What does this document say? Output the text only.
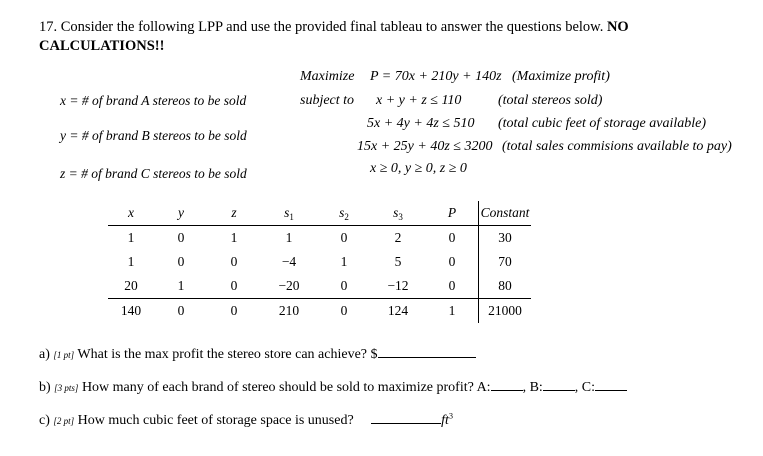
17. Consider the following LPP and use the provided final tableau to answer the questions below. NO
CALCULATIONS!!
x = # of brand A stereos to be sold
y = # of brand B stereos to be sold
z = # of brand C stereos to be sold
Maximize P = 70x + 210y + 140z (Maximize profit)
subject to x + y + z ≤ 110	(total stereos sold)
5x + 4y + 4z ≤ 510 (total cubic feet of storage available)
15x + 25y + 40z ≤ 3200 (total sales commisions available to pay)
x ≥ 0, y ≥ 0, z ≥ 0
x	y	z	$s_1$	$s_2$	$s_3$	P	Constant
1	0	1	1	0	2	0	30
1	0	0	−4	1	5	0	70
20	1	0	−20	0	−12	0	80
140	0	0	210	0	124	1	21000
a) [1 pt] What is the max profit the stereo store can achieve? $
b) [3 pts] How many of each brand of stereo should be sold to maximize profit? A: , B: , C:
c) [2 pt] How much cubic feet of storage space is unused?	$ft^3$
